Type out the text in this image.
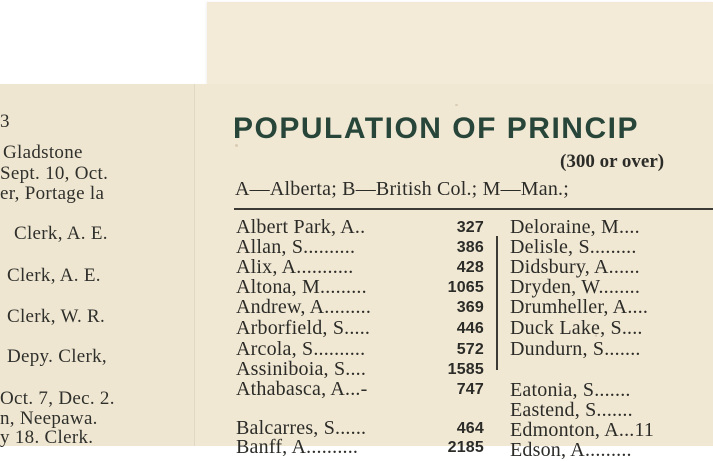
3

Gladstone

Sept. 10, Oct.

er, Portage la

Clerk, A. E.

Clerk, A. E.

Clerk, W. R.

Depy. Clerk,

Oct. 7, Dec. 2.

n, Neepawa.

y 18. Clerk.

POPULATION OF PRINCIP
(300 or over)
A—Alberta; B—British Col.; M—Man.;
Albert Park, A..	327
Allan, S..........	386
Alix, A...........	428
Altona, M.........	1065
Andrew, A.........	369
Arborfield, S.....	446
Arcola, S..........	572
Assiniboia, S....	1585
Athabasca, A...-	747
Balcarres, S......	464
Banff, A..........	2185
Deloraine, M....
Delisle, S.........
Didsbury, A......
Dryden, W........
Drumheller, A....
Duck Lake, S....
Dundurn, S.......
Eatonia, S.......
Eastend, S.......
Edmonton, A...11
Edson, A.........
